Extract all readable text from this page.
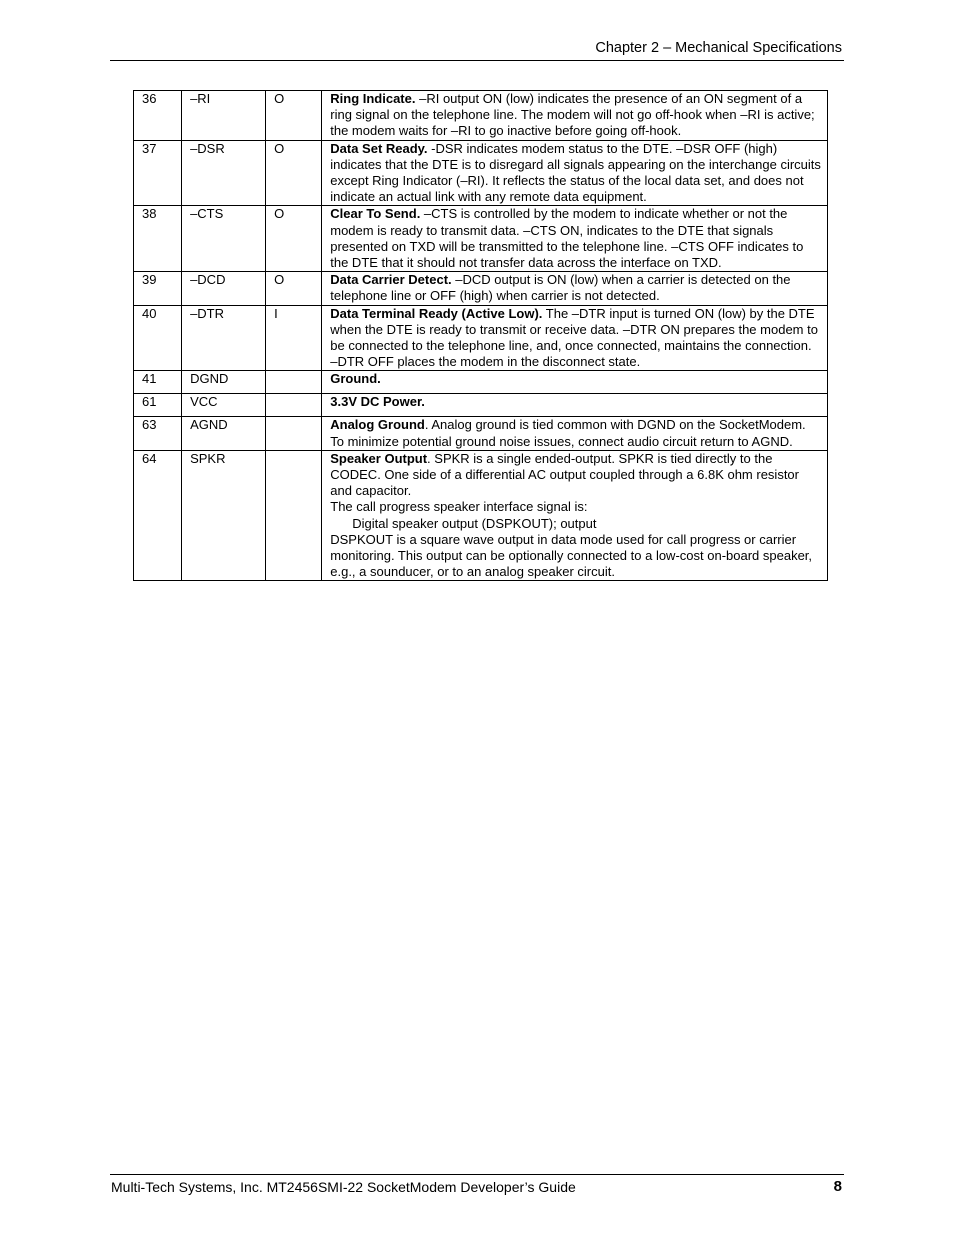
Chapter 2 – Mechanical Specifications
36	–RI	O	Ring Indicate. –RI output ON (low) indicates the presence of an ON segment of a ring signal on the telephone line. The modem will not go off-hook when –RI is active; the modem waits for –RI to go inactive before going off-hook.
37	–DSR	O	Data Set Ready. -DSR indicates modem status to the DTE. –DSR OFF (high) indicates that the DTE is to disregard all signals appearing on the interchange circuits except Ring Indicator (–RI). It reflects the status of the local data set, and does not indicate an actual link with any remote data equipment.
38	–CTS	O	Clear To Send. –CTS is controlled by the modem to indicate whether or not the modem is ready to transmit data. –CTS ON, indicates to the DTE that signals presented on TXD will be transmitted to the telephone line. –CTS OFF indicates to the DTE that it should not transfer data across the interface on TXD.
39	–DCD	O	Data Carrier Detect. –DCD output is ON (low) when a carrier is detected on the telephone line or OFF (high) when carrier is not detected.
40	–DTR	I	Data Terminal Ready (Active Low). The –DTR input is turned ON (low) by the DTE when the DTE is ready to transmit or receive data. –DTR ON prepares the modem to be connected to the telephone line, and, once connected, maintains the connection. –DTR OFF places the modem in the disconnect state.
41	DGND		Ground.
61	VCC		3.3V DC Power.
63	AGND		Analog Ground. Analog ground is tied common with DGND on the SocketModem. To minimize potential ground noise issues, connect audio circuit return to AGND.
64	SPKR		Speaker Output. SPKR is a single ended-output. SPKR is tied directly to the CODEC. One side of a differential AC output coupled through a 6.8K ohm resistor and capacitor.
The call progress speaker interface signal is:
Digital speaker output (DSPKOUT); output
DSPKOUT is a square wave output in data mode used for call progress or carrier monitoring. This output can be optionally connected to a low-cost on-board speaker, e.g., a sounducer, or to an analog speaker circuit.
Multi-Tech Systems, Inc. MT2456SMI-22 SocketModem Developer’s Guide	8
